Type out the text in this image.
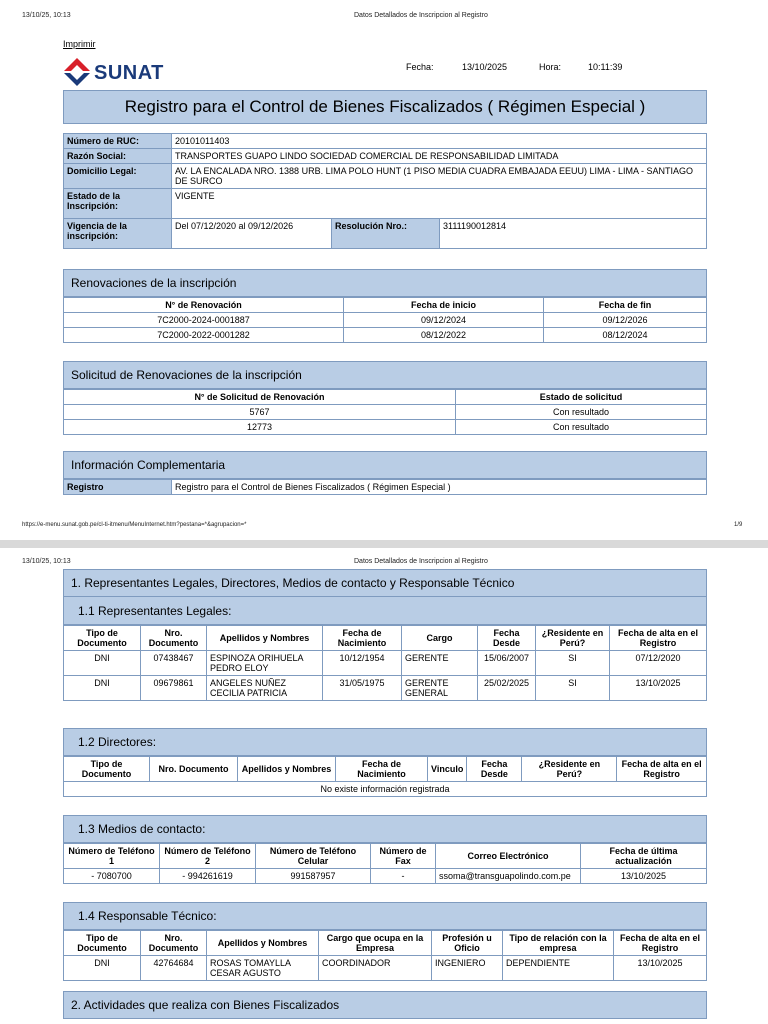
13/10/25, 10:13	Datos Detallados de Inscripcion al Registro
Imprimir
SUNAT	Fecha:	13/10/2025	Hora:	10:11:39
Registro para el Control de Bienes Fiscalizados ( Régimen Especial )
Número de RUC:	20101011403		
Razón Social:	TRANSPORTES GUAPO LINDO SOCIEDAD COMERCIAL DE RESPONSABILIDAD LIMITADA		
Domicilio Legal:	AV. LA ENCALADA NRO. 1388 URB. LIMA POLO HUNT (1 PISO MEDIA CUADRA EMBAJADA EEUU) LIMA - LIMA - SANTIAGO DE SURCO		
Estado de la Inscripción:	VIGENTE		
Vigencia de la inscripción:	Del 07/12/2020 al 09/12/2026	Resolución Nro.:	3111190012814
Renovaciones de la inscripción
N° de Renovación	Fecha de inicio	Fecha de fin
7C2000-2024-0001887	09/12/2024	09/12/2026
7C2000-2022-0001282	08/12/2022	08/12/2024
Solicitud de Renovaciones de la inscripción
N° de Solicitud de Renovación	Estado de solicitud
5767	Con resultado
12773	Con resultado
Información Complementaria
Registro	Registro para el Control de Bienes Fiscalizados ( Régimen Especial )
https://e-menu.sunat.gob.pe/cl-ti-itmenu/MenuInternet.htm?pestana=*&agrupacion=*	1/9
13/10/25, 10:13	Datos Detallados de Inscripcion al Registro
1. Representantes Legales, Directores, Medios de contacto y Responsable Técnico
1.1 Representantes Legales:
Tipo de Documento	Nro. Documento	Apellidos y Nombres	Fecha de Nacimiento	Cargo	Fecha Desde	¿Residente en Perú?	Fecha de alta en el Registro
DNI	07438467	ESPINOZA ORIHUELA PEDRO ELOY	10/12/1954	GERENTE	15/06/2007	SI	07/12/2020
DNI	09679861	ANGELES NUÑEZ CECILIA PATRICIA	31/05/1975	GERENTE GENERAL	25/02/2025	SI	13/10/2025
1.2 Directores:
Tipo de Documento	Nro. Documento	Apellidos y Nombres	Fecha de Nacimiento	Vinculo	Fecha Desde	¿Residente en Perú?	Fecha de alta en el Registro
No existe información registrada
1.3 Medios de contacto:
Número de Teléfono 1	Número de Teléfono 2	Número de Teléfono Celular	Número de Fax	Correo Electrónico	Fecha de última actualización
- 7080700	- 994261619	991587957	-	ssoma@transguapolindo.com.pe	13/10/2025
1.4 Responsable Técnico:
Tipo de Documento	Nro. Documento	Apellidos y Nombres	Cargo que ocupa en la Empresa	Profesión u Oficio	Tipo de relación con la empresa	Fecha de alta en el Registro
DNI	42764684	ROSAS TOMAYLLA CESAR AGUSTO	COORDINADOR	INGENIERO	DEPENDIENTE	13/10/2025
2. Actividades que realiza con Bienes Fiscalizados
